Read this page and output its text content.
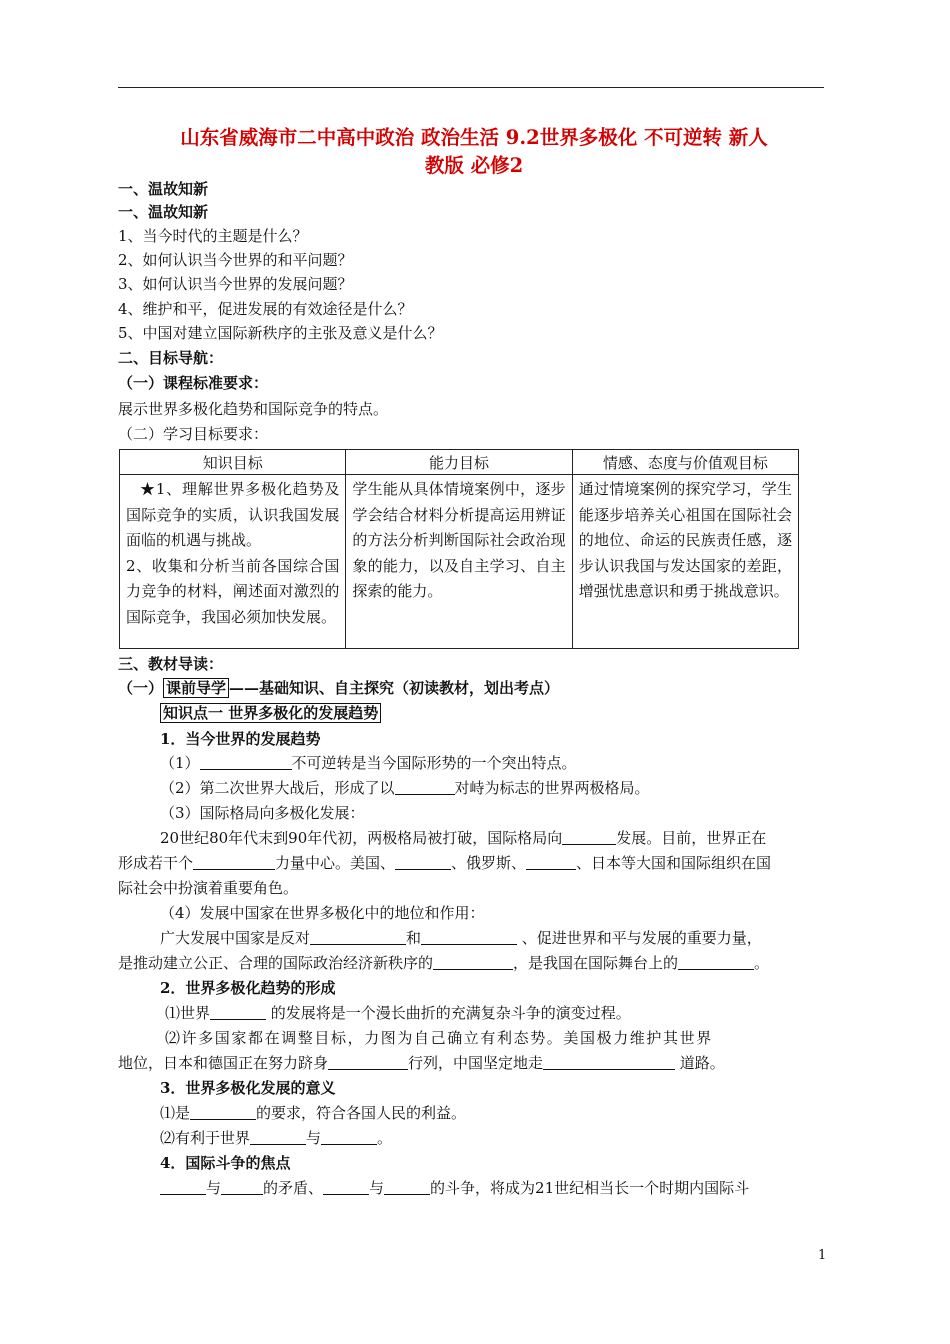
山东省威海市二中高中政治 政治生活 9.2世界多极化 不可逆转 新人
教版 必修2
一、温故知新
一、温故知新
1、当今时代的主题是什么？
2、如何认识当今世界的和平问题？
3、如何认识当今世界的发展问题？
4、维护和平，促进发展的有效途径是什么？
5、中国对建立国际新秩序的主张及意义是什么？
二、目标导航：
（一）课程标准要求：
展示世界多极化趋势和国际竞争的特点。
（二）学习目标要求：
知识目标	能力目标	情感、态度与价值观目标

★1、理解世界多极化趋势及国际竞争的实质，认识我国发展面临的机遇与挑战。
2、收集和分析当前各国综合国力竞争的材料，阐述面对激烈的国际竞争，我国必须加快发展。	学生能从具体情境案例中，逐步学会结合材料分析提高运用辨证的方法分析判断国际社会政治现象的能力，以及自主学习、自主探索的能力。	通过情境案例的探究学习，学生能逐步培养关心祖国在国际社会的地位、命运的民族责任感，逐步认识我国与发达国家的差距，增强忧患意识和勇于挑战意识。
三、教材导读：
（一） 课前导学 ——基础知识、自主探究（初读教材，划出考点）
知识点一 世界多极化的发展趋势
1．当今世界的发展趋势
（1）	不可逆转是当今国际形势的一个突出特点。
（2）第二次世界大战后，形成了以	对峙为标志的世界两极格局。
（3）国际格局向多极化发展：
20世纪80年代末到90年代初，两极格局被打破，国际格局向	发展。目前，世界正在
形成若干个	力量中心。美国、	、俄罗斯、	、日本等大国和国际组织在国
际社会中扮演着重要角色。
（4）发展中国家在世界多极化中的地位和作用：
广大发展中国家是反对	和	、促进世界和平与发展的重要力量，
是推动建立公正、合理的国际政治经济新秩序的	，是我国在国际舞台上的	。
2．世界多极化趋势的形成
⑴世界	的发展将是一个漫长曲折的充满复杂斗争的演变过程。
⑵许多国家都在调整目标，力图为自己确立有利态势。美国极力维护其世界
地位，日本和德国正在努力跻身	行列，中国坚定地走	道路。
3．世界多极化发展的意义
⑴是	的要求，符合各国人民的利益。
⑵有利于世界	与	。
4．国际斗争的焦点
与	的矛盾、	与	的斗争，将成为21世纪相当长一个时期内国际斗
1
